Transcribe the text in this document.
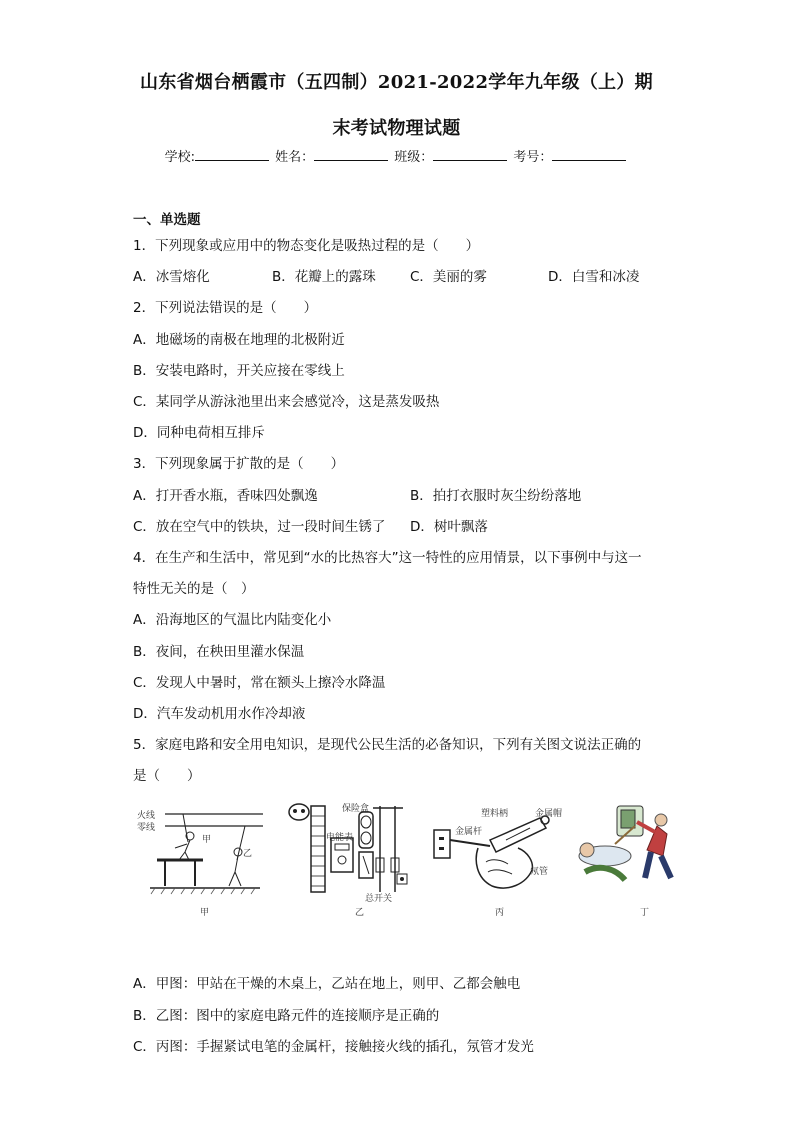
山东省烟台栖霞市（五四制）2021-2022学年九年级（上）期
末考试物理试题
学校:	姓名：	班级：	考号：
一、单选题
1．下列现象或应用中的物态变化是吸热过程的是（　　）
A．冰雪熔化	B．花瓣上的露珠	C．美丽的雾	D．白雪和冰凌
2．下列说法错误的是（　　）
A．地磁场的南极在地理的北极附近
B．安装电路时，开关应接在零线上
C．某同学从游泳池里出来会感觉冷，这是蒸发吸热
D．同种电荷相互排斥
3．下列现象属于扩散的是（　　）
A．打开香水瓶，香味四处飘逸	B．拍打衣服时灰尘纷纷落地
C．放在空气中的铁块，过一段时间生锈了 D．树叶飘落
4．在生产和生活中，常见到“水的比热容大”这一特性的应用情景，以下事例中与这一
特性无关的是（　）
A．沿海地区的气温比内陆变化小
B．夜间，在秧田里灌水保温
C．发现人中暑时，常在额头上擦冷水降温
D．汽车发动机用水作冷却液
5．家庭电路和安全用电知识，是现代公民生活的必备知识，下列有关图文说法正确的
是（　　）
火线
零线
甲
乙
甲
保险盒
电能表
总开关
乙
塑料柄	金属帽
金属杆
氖管
丙	丁
A．甲图：甲站在干燥的木桌上，乙站在地上，则甲、乙都会触电
B．乙图：图中的家庭电路元件的连接顺序是正确的
C．丙图：手握紧试电笔的金属杆，接触接火线的插孔，氖管才发光
